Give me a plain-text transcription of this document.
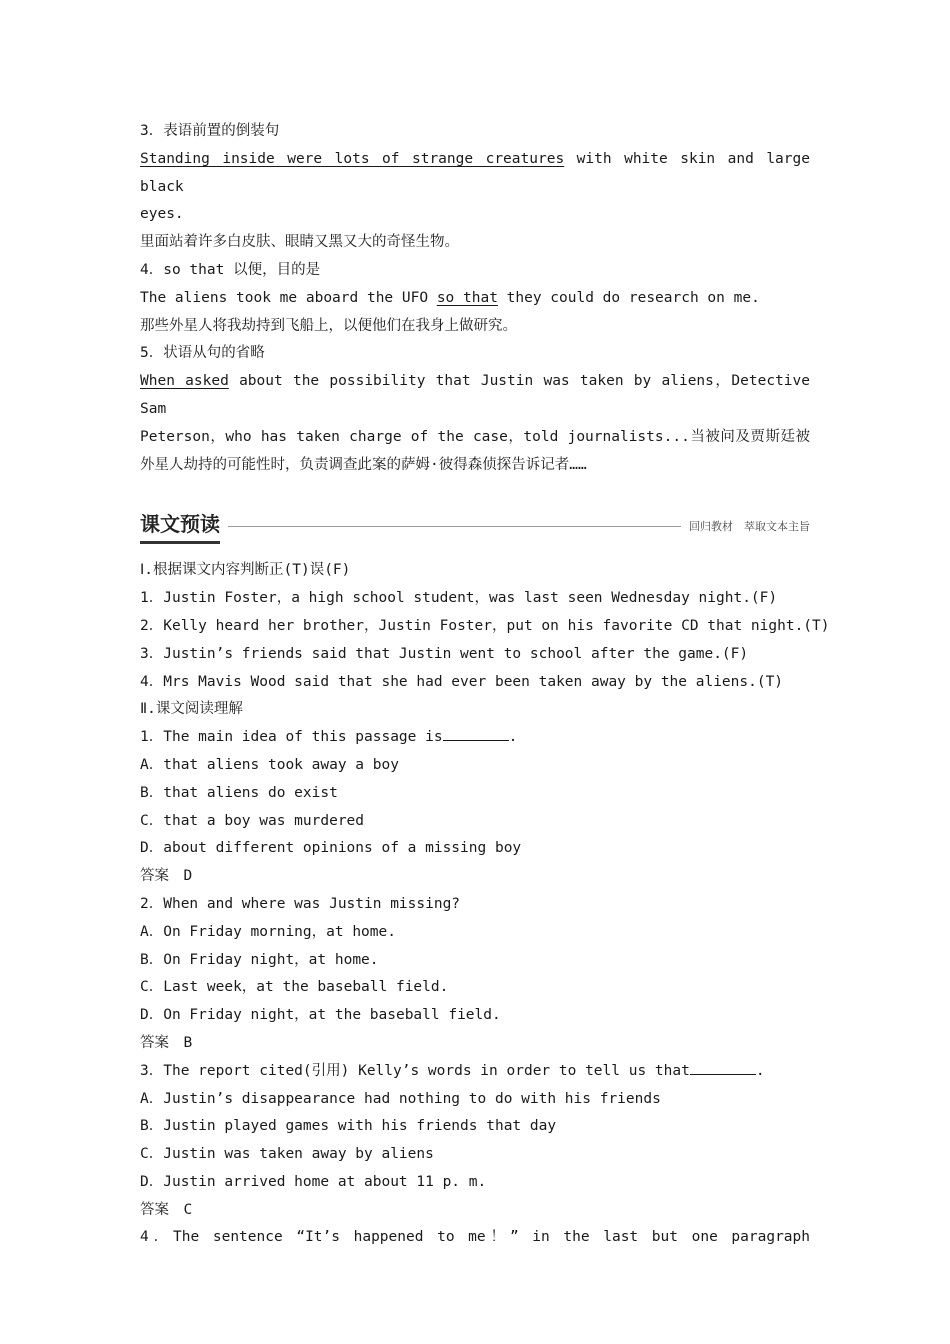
3．表语前置的倒装句
Standing inside were lots of strange creatures with white skin and large black
eyes.
里面站着许多白皮肤、眼睛又黑又大的奇怪生物。
4．so that 以便，目的是
The aliens took me aboard the UFO so that they could do research on me.
那些外星人将我劫持到飞船上，以便他们在我身上做研究。
5．状语从句的省略
When asked about the possibility that Justin was taken by aliens，Detective Sam
Peterson，who has taken charge of the case，told journalists...当被问及贾斯廷被
外星人劫持的可能性时，负责调查此案的萨姆·彼得森侦探告诉记者……
课文预读	回归教材　萃取文本主旨
Ⅰ.根据课文内容判断正(T)误(F)
1．Justin Foster，a high school student，was last seen Wednesday night.(F)
2．Kelly heard her brother，Justin Foster，put on his favorite CD that night.(T)
3．Justin’s friends said that Justin went to school after the game.(F)
4．Mrs Mavis Wood said that she had ever been taken away by the aliens.(T)
Ⅱ.课文阅读理解
1．The main idea of this passage is	.
A．that aliens took away a boy
B．that aliens do exist
C．that a boy was murdered
D．about different opinions of a missing boy
答案　D
2．When and where was Justin missing?
A．On Friday morning，at home.
B．On Friday night，at home.
C．Last week，at the baseball field.
D．On Friday night，at the baseball field.
答案　B
3．The report cited(引用) Kelly’s words in order to tell us that	.
A．Justin’s disappearance had nothing to do with his friends
B．Justin played games with his friends that day
C．Justin was taken away by aliens
D．Justin arrived home at about 11 p. m.
答案　C
4．The sentence “It’s happened to me！” in the last but one paragraph
